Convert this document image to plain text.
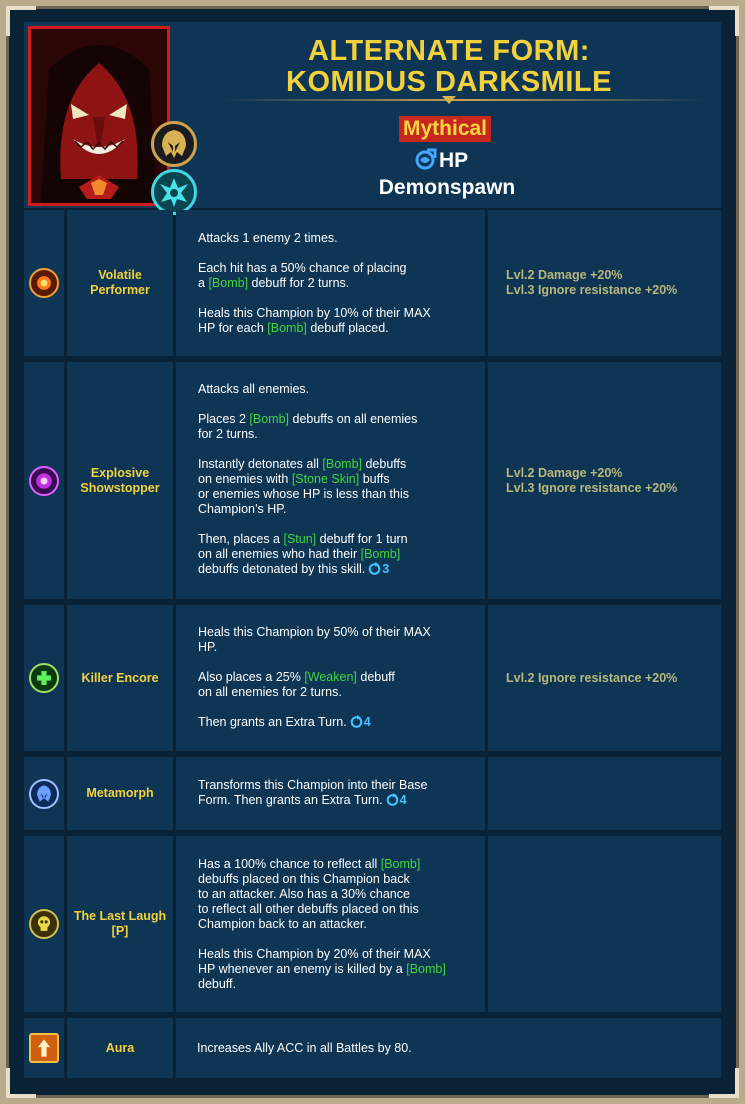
ALTERNATE FORM:
KOMIDUS DARKSMILE
Mythical
HP
Demonspawn
Volatile Performer
Attacks 1 enemy 2 times.
Each hit has a 50% chance of placing
a [Bomb] debuff for 2 turns.
Heals this Champion by 10% of their MAX
HP for each [Bomb] debuff placed.
Lvl.2 Damage +20%
Lvl.3 Ignore resistance +20%
Explosive Showstopper
Attacks all enemies.
Places 2 [Bomb] debuffs on all enemies
for 2 turns.
Instantly detonates all [Bomb] debuffs
on enemies with [Stone Skin] buffs
or enemies whose HP is less than this
Champion’s HP.
Then, places a [Stun] debuff for 1 turn
on all enemies who had their [Bomb]
debuffs detonated by this skill. 3
Lvl.2 Damage +20%
Lvl.3 Ignore resistance +20%
Killer Encore
Heals this Champion by 50% of their MAX
HP.
Also places a 25% [Weaken] debuff
on all enemies for 2 turns.
Then grants an Extra Turn. 4
Lvl.2 Ignore resistance +20%
Metamorph
Transforms this Champion into their Base
Form. Then grants an Extra Turn. 4
The Last Laugh [P]
Has a 100% chance to reflect all [Bomb]
debuffs placed on this Champion back
to an attacker. Also has a 30% chance
to reflect all other debuffs placed on this
Champion back to an attacker.
Heals this Champion by 20% of their MAX
HP whenever an enemy is killed by a [Bomb]
debuff.
Aura	Increases Ally ACC in all Battles by 80.
